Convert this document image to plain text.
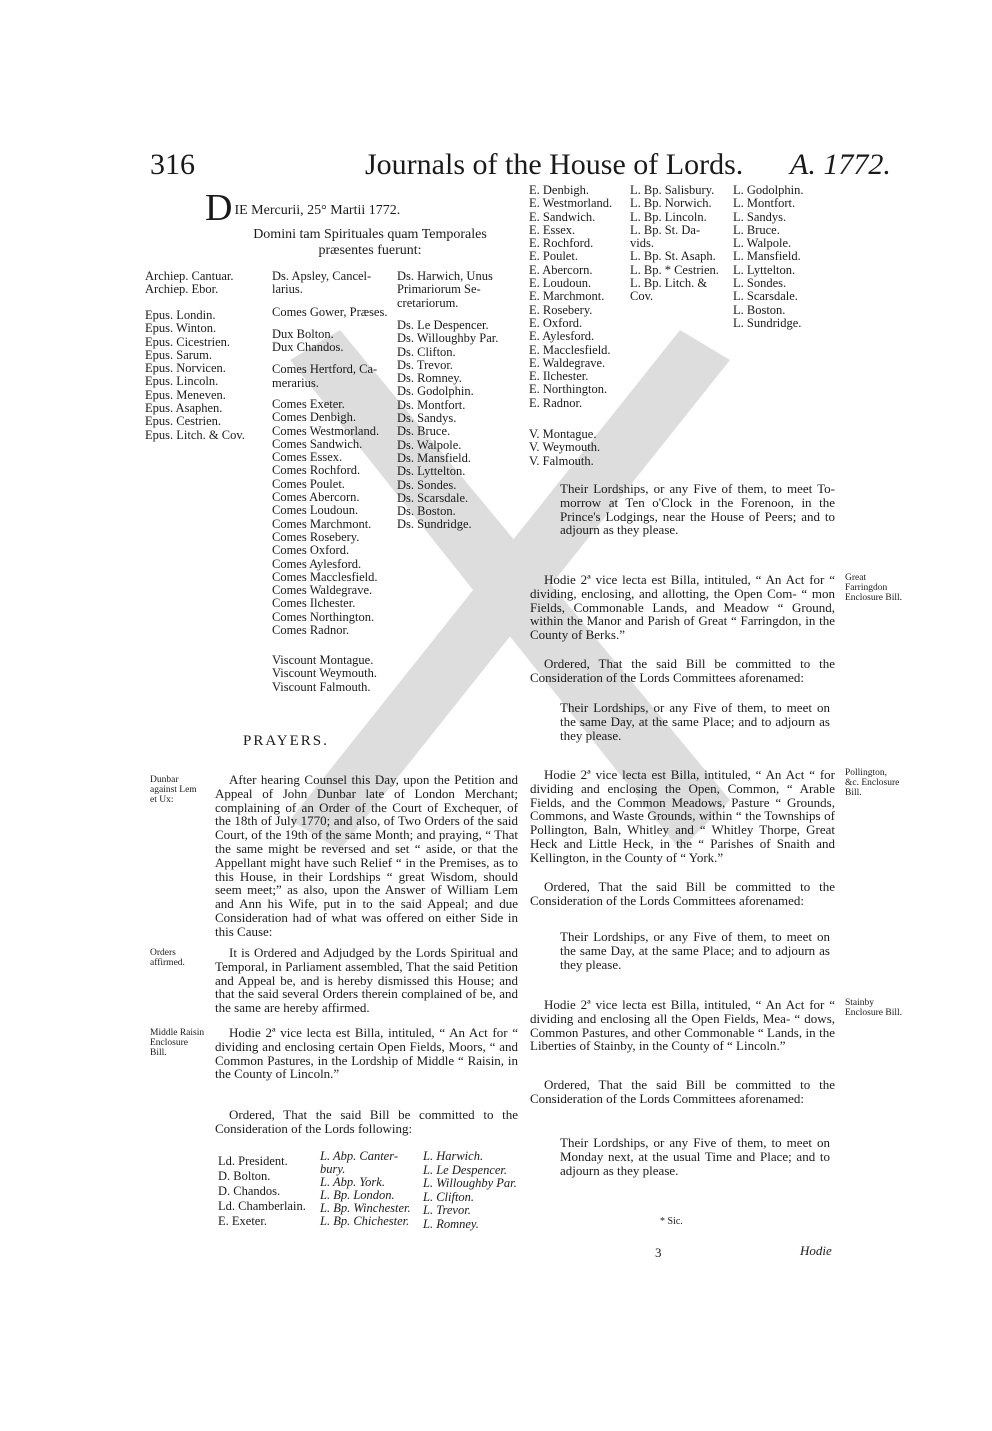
316	Journals of the House of Lords. A. 1772.
DIE Mercurii, 25° Martii 1772.
Domini tam Spirituales quam Temporales præsentes fuerunt:
Archiep. Cantuar.
Archiep. Ebor.
Epus. Londin.
Epus. Winton.
Epus. Cicestrien.
Epus. Sarum.
Epus. Norvicen.
Epus. Lincoln.
Epus. Meneven.
Epus. Asaphen.
Epus. Cestrien.
Epus. Litch. & Cov.
Ds. Apsley, Cancel-
larius.
Comes Gower, Præses.
Dux Bolton.
Dux Chandos.
Comes Hertford, Ca-
merarius.
Comes Exeter.
Comes Denbigh.
Comes Westmorland.
Comes Sandwich.
Comes Essex.
Comes Rochford.
Comes Poulet.
Comes Abercorn.
Comes Loudoun.
Comes Marchmont.
Comes Rosebery.
Comes Oxford.
Comes Aylesford.
Comes Macclesfield.
Comes Waldegrave.
Comes Ilchester.
Comes Northington.
Comes Radnor.
Viscount Montague.
Viscount Weymouth.
Viscount Falmouth.
Ds. Harwich, Unus
Primariorum Se-
cretariorum.
Ds. Le Despencer.
Ds. Willoughby Par.
Ds. Clifton.
Ds. Trevor.
Ds. Romney.
Ds. Godolphin.
Ds. Montfort.
Ds. Sandys.
Ds. Bruce.
Ds. Walpole.
Ds. Mansfield.
Ds. Lyttelton.
Ds. Sondes.
Ds. Scarsdale.
Ds. Boston.
Ds. Sundridge.
E. Denbigh.
E. Westmorland.
E. Sandwich.
E. Essex.
E. Rochford.
E. Poulet.
E. Abercorn.
E. Loudoun.
E. Marchmont.
E. Rosebery.
E. Oxford.
E. Aylesford.
E. Macclesfield.
E. Waldegrave.
E. Ilchester.
E. Northington.
E. Radnor.
V. Montague.
V. Weymouth.
V. Falmouth.
L. Bp. Salisbury.
L. Bp. Norwich.
L. Bp. Lincoln.
L. Bp. St. Da-
vids.
L. Bp. St. Asaph.
L. Bp. * Cestrien.
L. Bp. Litch. &
Cov.
L. Godolphin.
L. Montfort.
L. Sandys.
L. Bruce.
L. Walpole.
L. Mansfield.
L. Lyttelton.
L. Sondes.
L. Scarsdale.
L. Boston.
L. Sundridge.
Their Lordships, or any Five of them, to meet To-morrow at Ten o'Clock in the Forenoon, in the Prince's Lodgings, near the House of Peers; and to adjourn as they please.
Great Farringdon Enclosure Bill.
Hodie 2ª vice lecta est Billa, intituled, “ An Act for “ dividing, enclosing, and allotting, the Open Com- “ mon Fields, Commonable Lands, and Meadow “ Ground, within the Manor and Parish of Great “ Farringdon, in the County of Berks.”
Ordered, That the said Bill be committed to the Consideration of the Lords Committees aforenamed:
Their Lordships, or any Five of them, to meet on the same Day, at the same Place; and to adjourn as they please.
Pollington, &c. Enclosure Bill.
Hodie 2ª vice lecta est Billa, intituled, “ An Act “ for dividing and enclosing the Open, Common, “ Arable Fields, and the Common Meadows, Pasture “ Grounds, Commons, and Waste Grounds, within “ the Townships of Pollington, Baln, Whitley and “ Whitley Thorpe, Great Heck and Little Heck, in the “ Parishes of Snaith and Kellington, in the County of “ York.”
Ordered, That the said Bill be committed to the Consideration of the Lords Committees aforenamed:
Their Lordships, or any Five of them, to meet on the same Day, at the same Place; and to adjourn as they please.
Stainby Enclosure Bill.
Hodie 2ª vice lecta est Billa, intituled, “ An Act for “ dividing and enclosing all the Open Fields, Mea- “ dows, Common Pastures, and other Commonable “ Lands, in the Liberties of Stainby, in the County of “ Lincoln.”
Ordered, That the said Bill be committed to the Consideration of the Lords Committees aforenamed:
Their Lordships, or any Five of them, to meet on Monday next, at the usual Time and Place; and to adjourn as they please.
* Sic.
3	Hodie
PRAYERS.
Dunbar against Lem et Ux:
After hearing Counsel this Day, upon the Petition and Appeal of John Dunbar late of London Merchant; complaining of an Order of the Court of Exchequer, of the 18th of July 1770; and also, of Two Orders of the said Court, of the 19th of the same Month; and praying, “ That the same might be reversed and set “ aside, or that the Appellant might have such Relief “ in the Premises, as to this House, in their Lordships “ great Wisdom, should seem meet;” as also, upon the Answer of William Lem and Ann his Wife, put in to the said Appeal; and due Consideration had of what was offered on either Side in this Cause:
Orders affirmed.
It is Ordered and Adjudged by the Lords Spiritual and Temporal, in Parliament assembled, That the said Petition and Appeal be, and is hereby dismissed this House; and that the said several Orders therein complained of be, and the same are hereby affirmed.
Middle Raisin Enclosure Bill.
Hodie 2ª vice lecta est Billa, intituled, “ An Act for “ dividing and enclosing certain Open Fields, Moors, “ and Common Pastures, in the Lordship of Middle “ Raisin, in the County of Lincoln.”
Ordered, That the said Bill be committed to the Consideration of the Lords following:
Ld. President.
D. Bolton.
D. Chandos.
Ld. Chamberlain.
E. Exeter.
L. Abp. Canter-
bury.
L. Abp. York.
L. Bp. London.
L. Bp. Winchester.
L. Bp. Chichester.
L. Harwich.
L. Le Despencer.
L. Willoughby Par.
L. Clifton.
L. Trevor.
L. Romney.
